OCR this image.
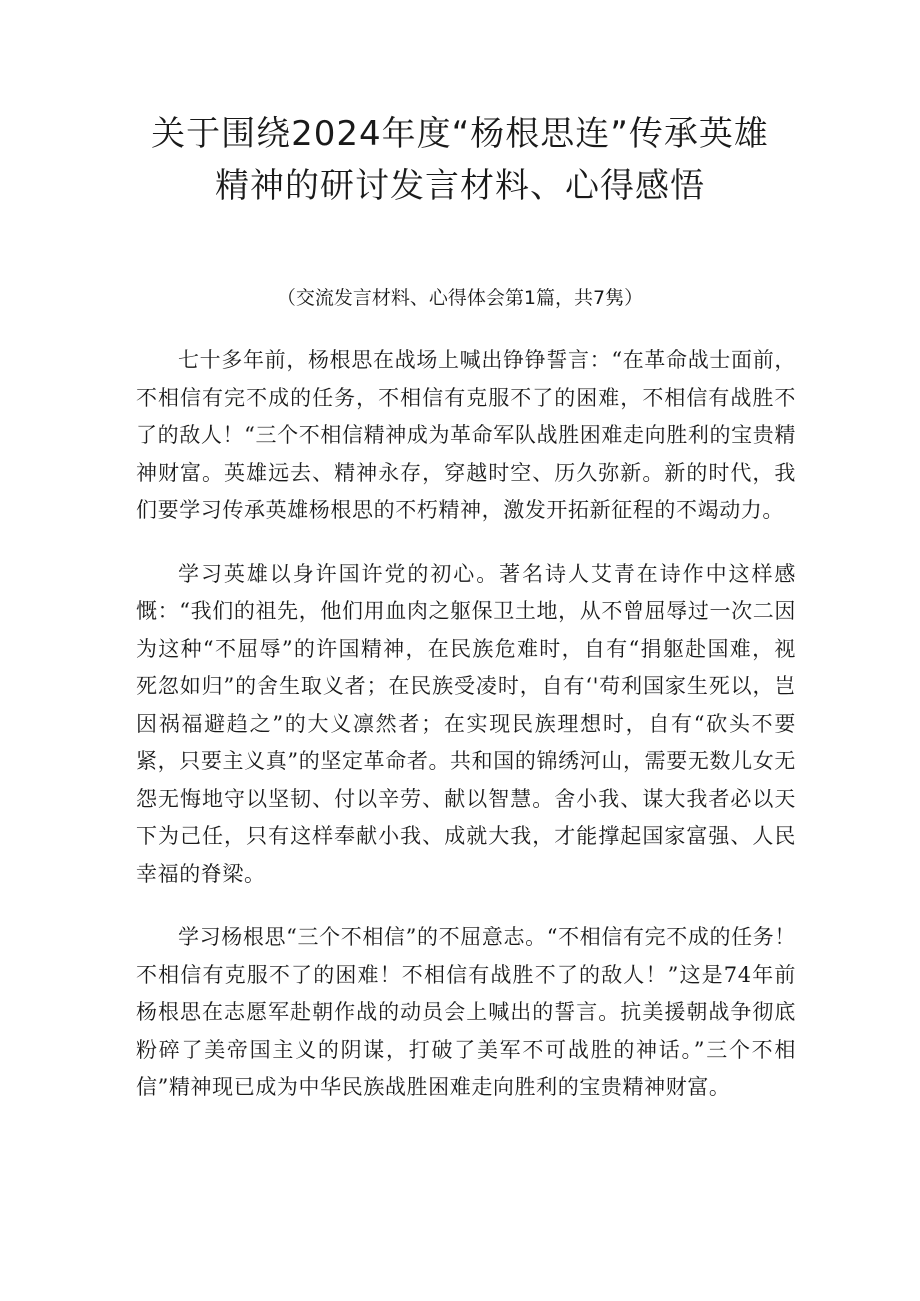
关于围绕2024年度“杨根思连”传承英雄
精神的研讨发言材料、心得感悟

（交流发言材料、心得体会第1篇，共7隽）

七十多年前，杨根思在战场上喊出铮铮誓言：“在革命战士面前，不相信有完不成的任务，不相信有克服不了的困难，不相信有战胜不了的敌人！“三个不相信精神成为革命军队战胜困难走向胜利的宝贵精神财富。英雄远去、精神永存，穿越时空、历久弥新。新的时代，我们要学习传承英雄杨根思的不朽精神，激发开拓新征程的不竭动力。

学习英雄以身许国许党的初心。著名诗人艾青在诗作中这样感慨：“我们的祖先，他们用血肉之躯保卫土地，从不曾屈辱过一次二因为这种“不屈辱”的许国精神，在民族危难时，自有“捐躯赴国难，视死忽如归”的舍生取义者；在民族受凌时，自有‘'苟利国家生死以，岂因祸福避趋之”的大义凛然者；在实现民族理想时，自有“砍头不要紧，只要主义真”的坚定革命者。共和国的锦绣河山，需要无数儿女无怨无悔地守以坚韧、付以辛劳、献以智慧。舍小我、谋大我者必以天下为己任，只有这样奉献小我、成就大我，才能撑起国家富强、人民幸福的脊梁。

学习杨根思“三个不相信”的不屈意志。“不相信有完不成的任务！不相信有克服不了的困难！不相信有战胜不了的敌人！”这是74年前杨根思在志愿军赴朝作战的动员会上喊出的誓言。抗美援朝战争彻底粉碎了美帝国主义的阴谋，打破了美军不可战胜的神话。”三个不相信”精神现已成为中华民族战胜困难走向胜利的宝贵精神财富。
